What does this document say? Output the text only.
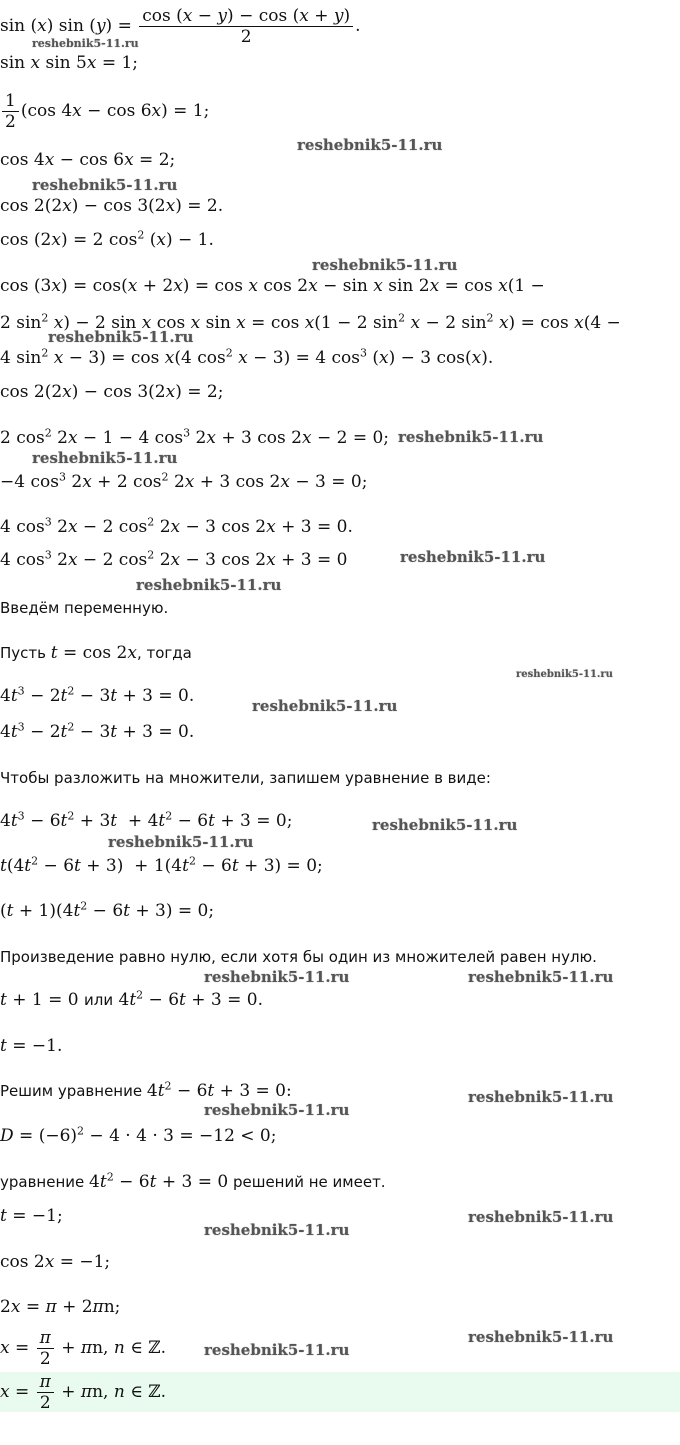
sin (x) $\sin (y) = \frac{\cos (x - y) - \cos (x + y)}{2}$ .
sin x sin 5x = 1;
$\frac{1}{2} (\cos$ 4x − cos 6x) = 1;
cos 4x − cos 6x = 2;
cos 2(2x) − cos 3(2x) = 2.
cos (2x) = 2 $\cos^2 (x) - 1$.
cos (3x) = cos(x + 2x) = cos x cos 2x − sin x sin 2x = cos x(1 −
2 $\sin^2 x) - 2$ sin x cos x sin x = cos x(1 − 2 $\sin^2 x - 2$ $\sin^2 x) = \cos x(4$ −
4 $\sin^2 x - 3) = \cos x(4$ $\cos^2 x - 3) = 4$ $\cos^3 (x) - 3$ cos(x).
cos 2(2x) − cos 3(2x) = 2;
2 $\cos^2 2x - 1 - 4$ $\cos^3 2x + 3$ cos 2x − 2 = 0;
−4 $\cos^3 2x + 2$ $\cos^2 2x + 3$ cos 2x − 3 = 0;
4 $\cos^3 2x - 2$ $\cos^2 2x - 3$ cos 2x + 3 = 0.
4 $\cos^3 2x - 2$ $\cos^2 2x - 3$ cos 2x + 3 = 0
Введём переменную.
Пусть t = cos 2x, тогда
$4t^3 - 2t^2 - 3t + 3 = 0$.
$4t^3 - 2t^2 - 3t + 3 = 0$.
Чтобы разложить на множители, запишем уравнение в виде:
$4t^3 - 6t^2 + 3t + 4t^2 - 6t + 3 = 0$;
$t(4t^2 - 6t + 3) + 1(4t^2 - 6t + 3) = 0$;
$(t + 1)(4t^2 - 6t + 3) = 0$;
Произведение равно нулю, если хотя бы один из множителей равен нулю.
t + 1 = 0 или $4t^2 - 6t + 3 = 0$.
t = −1.
Решим уравнение $4t^2 - 6t + 3 = 0$:
$D = (-6)^2 - 4 \cdot 4 \cdot 3 = -12 < 0$;
уравнение $4t^2 - 6t + 3 = 0$ решений не имеет.
t = −1;
cos 2x = −1;
2x = π + 2πn;
$x = \frac{\pi}{2} + \pi n$, n ∈ ℤ.
$x = \frac{\pi}{2} + \pi n$, n ∈ ℤ.
reshebnik5-11.ru
reshebnik5-11.ru
reshebnik5-11.ru
reshebnik5-11.ru
reshebnik5-11.ru
reshebnik5-11.ru
reshebnik5-11.ru
reshebnik5-11.ru
reshebnik5-11.ru
reshebnik5-11.ru
reshebnik5-11.ru
reshebnik5-11.ru
reshebnik5-11.ru
reshebnik5-11.ru	reshebnik5-11.ru
reshebnik5-11.ru
reshebnik5-11.ru
reshebnik5-11.ru
reshebnik5-11.ru
reshebnik5-11.ru
reshebnik5-11.ru
